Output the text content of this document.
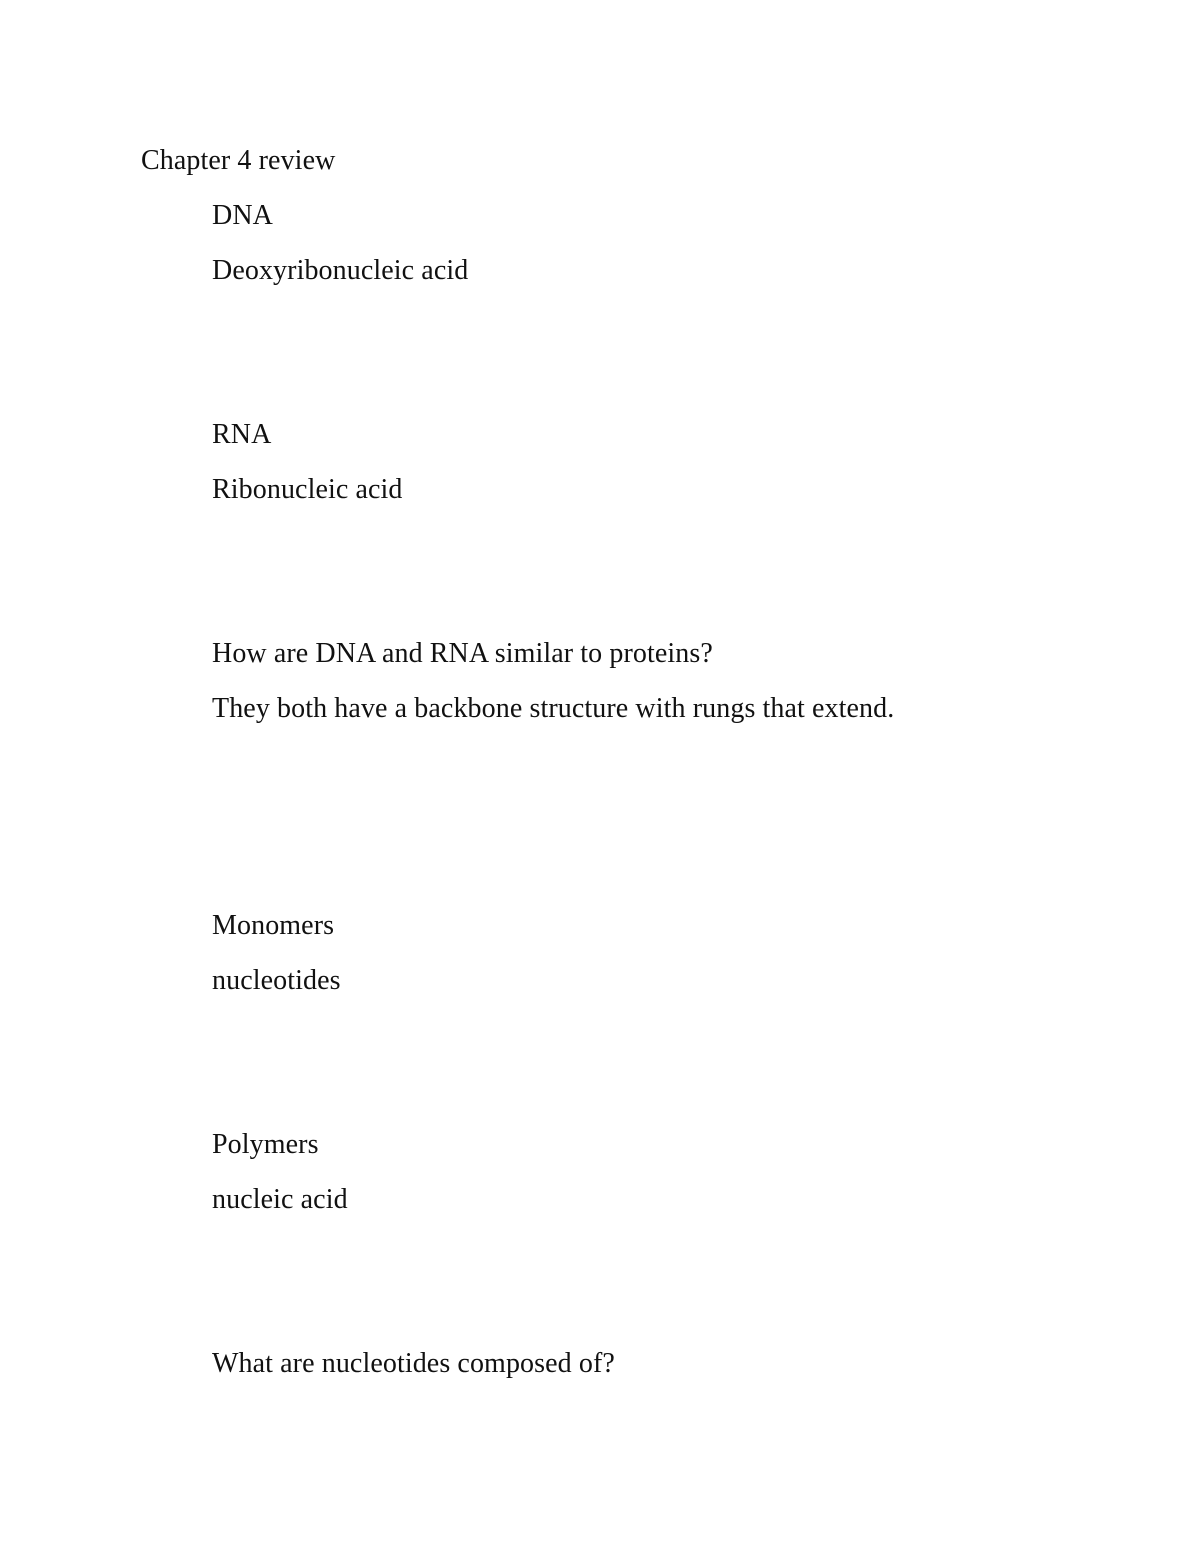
Chapter 4 review
DNA
Deoxyribonucleic acid
RNA
Ribonucleic acid
How are DNA and RNA similar to proteins?
They both have a backbone structure with rungs that extend.
Monomers
nucleotides
Polymers
nucleic acid
What are nucleotides composed of?
